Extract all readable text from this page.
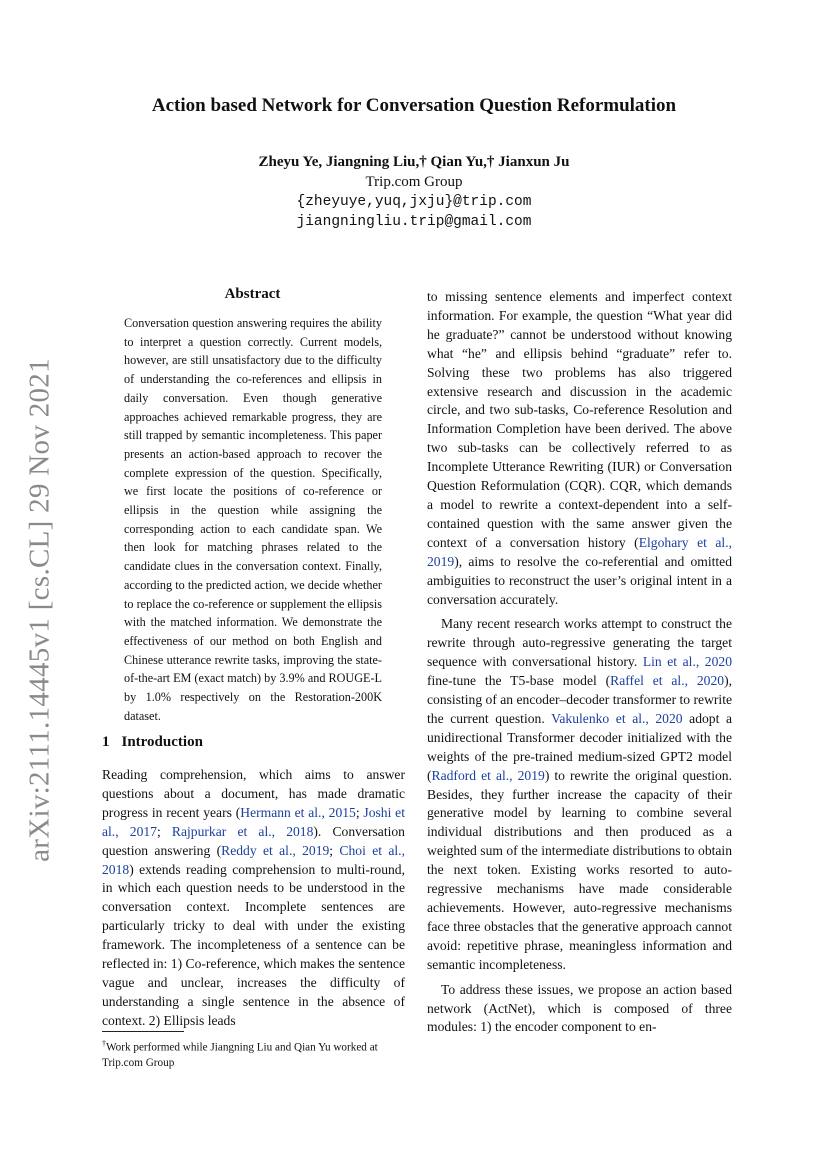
arXiv:2111.14445v1 [cs.CL] 29 Nov 2021
Action based Network for Conversation Question Reformulation
Zheyu Ye, Jiangning Liu,† Qian Yu,† Jianxun Ju
Trip.com Group
{zheyuye,yuq,jxju}@trip.com
jiangningliu.trip@gmail.com
Abstract

Conversation question answering requires the ability to interpret a question correctly. Current models, however, are still unsatisfactory due to the difficulty of understanding the co-references and ellipsis in daily conversation. Even though generative approaches achieved remarkable progress, they are still trapped by semantic incompleteness. This paper presents an action-based approach to recover the complete expression of the question. Specifically, we first locate the positions of co-reference or ellipsis in the question while assigning the corresponding action to each candidate span. We then look for matching phrases related to the candidate clues in the conversation context. Finally, according to the predicted action, we decide whether to replace the co-reference or supplement the ellipsis with the matched information. We demonstrate the effectiveness of our method on both English and Chinese utterance rewrite tasks, improving the state-of-the-art EM (exact match) by 3.9% and ROUGE-L by 1.0% respectively on the Restoration-200K dataset.

1 Introduction

Reading comprehension, which aims to answer questions about a document, has made dramatic progress in recent years (Hermann et al., 2015; Joshi et al., 2017; Rajpurkar et al., 2018). Conversation question answering (Reddy et al., 2019; Choi et al., 2018) extends reading comprehension to multi-round, in which each question needs to be understood in the conversation context. Incomplete sentences are particularly tricky to deal with under the existing framework. The incompleteness of a sentence can be reflected in: 1) Co-reference, which makes the sentence vague and unclear, increases the difficulty of understanding a single sentence in the absence of context. 2) Ellipsis leads

to missing sentence elements and imperfect context information. For example, the question “What year did he graduate?” cannot be understood without knowing what “he” and ellipsis behind “graduate” refer to. Solving these two problems has also triggered extensive research and discussion in the academic circle, and two sub-tasks, Co-reference Resolution and Information Completion have been derived. The above two sub-tasks can be collectively referred to as Incomplete Utterance Rewriting (IUR) or Conversation Question Reformulation (CQR). CQR, which demands a model to rewrite a context-dependent into a self-contained question with the same answer given the context of a conversation history (Elgohary et al., 2019), aims to resolve the co-referential and omitted ambiguities to reconstruct the user’s original intent in a conversation accurately.

Many recent research works attempt to construct the rewrite through auto-regressive generating the target sequence with conversational history. Lin et al., 2020 fine-tune the T5-base model (Raffel et al., 2020), consisting of an encoder–decoder transformer to rewrite the current question. Vakulenko et al., 2020 adopt a unidirectional Transformer decoder initialized with the weights of the pre-trained medium-sized GPT2 model (Radford et al., 2019) to rewrite the original question. Besides, they further increase the capacity of their generative model by learning to combine several individual distributions and then produced as a weighted sum of the intermediate distributions to obtain the next token. Existing works resorted to auto-regressive mechanisms have made considerable achievements. However, auto-regressive mechanisms face three obstacles that the generative approach cannot avoid: repetitive phrase, meaningless information and semantic incompleteness.

To address these issues, we propose an action based network (ActNet), which is composed of three modules: 1) the encoder component to en-

†Work performed while Jiangning Liu and Qian Yu worked at Trip.com Group
